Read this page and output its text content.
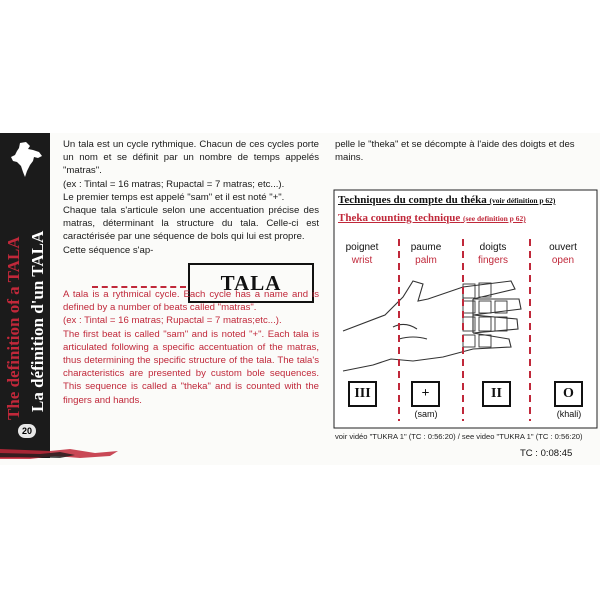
The definition of a TALA La définition d'un TALA
20

Un tala est un cycle rythmique. Chacun de ces cycles porte un nom et se définit par un nombre de temps appelés "matras".

(ex : Tintal = 16 matras; Rupactal = 7 matras; etc...).

Le premier temps est appelé "sam" et il est noté "+".

Chaque tala s'articule selon une accentuation précise des matras, déterminant la structure du tala. Celle-ci est caractérisée par une séquence de bols qui lui est propre.

Cette séquence s'ap-

TALA

A tala is a rythmical cycle. Each cycle has a name and is defined by a number of beats called "matras".

(ex : Tintal = 16 matras; Rupactal = 7 matras;etc...).

The first beat is called "sam" and is noted "+". Each tala is articulated following a specific accentuation of the matras, thus determining the specific structure of the tala. The tala's characteristics are presented by custom bole sequences. This sequence is called a "theka" and is counted with the fingers and hands.

pelle le "theka" et se décompte à l'aide des doigts et des mains.
Techniques du compte du théka (voir définition p 62)
Theka counting technique (see definition p 62)
poignet
wrist
paume
palm
doigts
fingers
ouvert
open
III	+	II	O
(sam)	(khali)
voir vidéo "TUKRA 1" (TC : 0:56:20) / see video "TUKRA 1" (TC : 0:56:20)
TC : 0:08:45
